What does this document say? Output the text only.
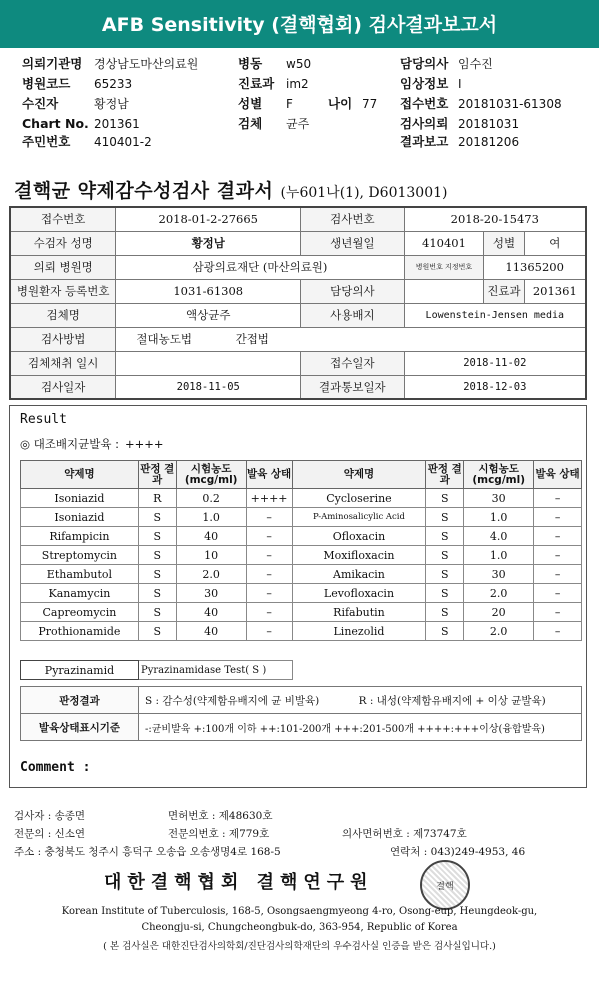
AFB Sensitivity (결핵협회) 검사결과보고서
의뢰기관명 경상남도마산의료원	병동 w50	담당의사 임수진
병원코드 65233	진료과 im2	임상정보 I
수진자	황정남	성별 F	나이 77 접수번호 20181031-61308
Chart No. 201361	검체 균주	검사의뢰 20181031
주민번호 410401-2	결과보고 20181206
결핵균 약제감수성검사 결과서 (누601나(1), D6013001)
접수번호	2018-01-2-27665	검사번호	2018-20-15473		
수검자 성명	황정남	생년월일	410401	성별	여
의뢰 병원명	삼광의료재단 (마산의료원)		병원번호 지정번호	11365200	
병원환자 등록번호	1031-61308	담당의사		진료과	201361
검체명	액상균주	사용배지	Lowenstein-Jensen media		
검사방법	절대농도법 간접법				
검체채취 일시		접수일자	2018-11-02		
검사일자	2018-11-05	결과통보일자	2018-12-03		
Result
◎ 대조배지균발육 : ++++
약제명	판정 결과	시험농도 (mcg/ml)	발육 상태	약제명	판정 결과	시험농도 (mcg/ml)	발육 상태
Isoniazid	R	0.2	++++	Cycloserine	S	30	–
Isoniazid	S	1.0	–	P-Aminosalicylic Acid	S	1.0	–
Rifampicin	S	40	–	Ofloxacin	S	4.0	–
Streptomycin	S	10	–	Moxifloxacin	S	1.0	–
Ethambutol	S	2.0	–	Amikacin	S	30	–
Kanamycin	S	30	–	Levofloxacin	S	2.0	–
Capreomycin	S	40	–	Rifabutin	S	20	–
Prothionamide	S	40	–	Linezolid	S	2.0	–
Pyrazinamid	Pyrazinamidase Test( S )
판정결과	S : 감수성(약제함유배지에 균 비발육) R : 내성(약제함유배지에 + 이상 균발육)
발육상태표시기준	-:균비발육 +:100개 이하 ++:101-200개 +++:201-500개 ++++:+++이상(융합발육)
Comment :
검사자 : 송종면	면허번호 : 제48630호
전문의 : 신소연	전문의번호 : 제779호	의사면허번호 : 제73747호
주소 : 충청북도 청주시 흥덕구 오송읍 오송생명4로 168-5	연락처 : 043)249-4953, 46
대한결핵협회 결핵연구원	결핵
Korean Institute of Tuberculosis, 168-5, Osongsaengmyeong 4-ro, Osong-eup, Heungdeok-gu,
Cheongju-si, Chungcheongbuk-do, 363-954, Republic of Korea
( 본 검사실은 대한진단검사의학회/진단검사의학재단의 우수검사실 인증을 받은 검사실입니다.)
